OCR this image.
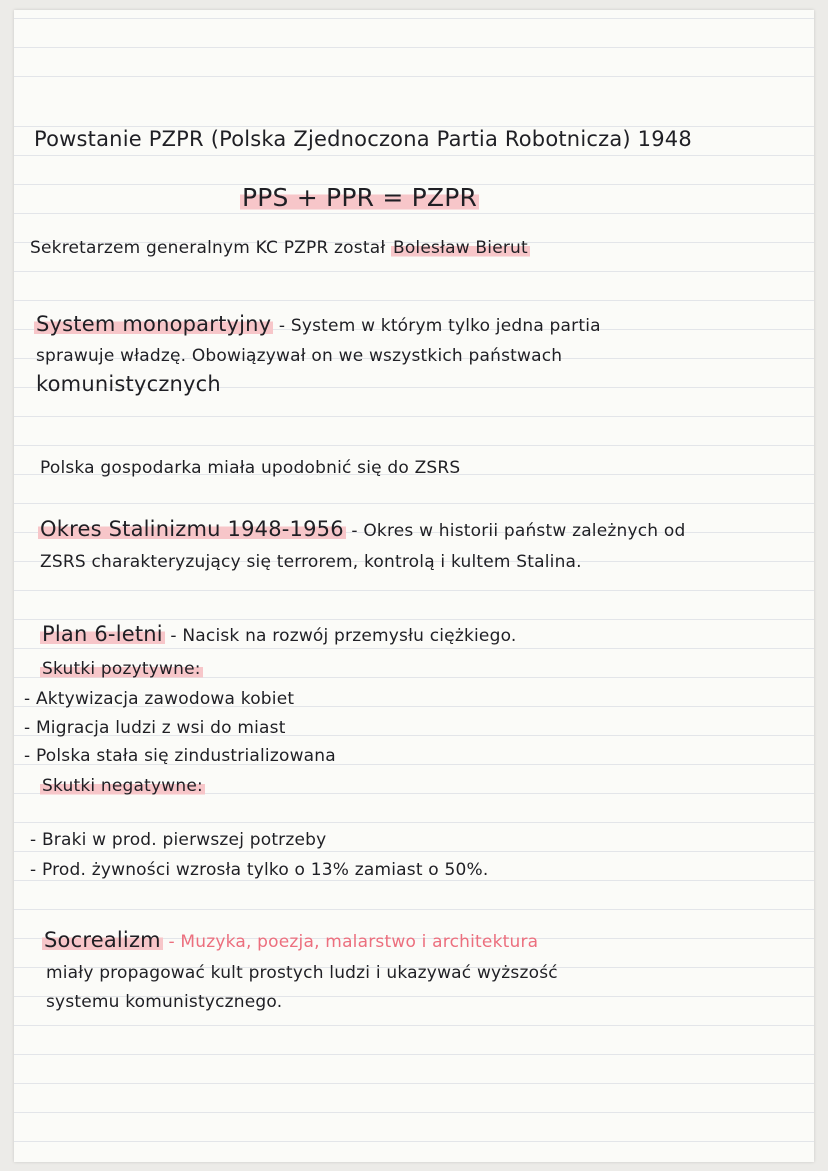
Powstanie PZPR (Polska Zjednoczona Partia Robotnicza) 1948
PPS + PPR = PZPR
Sekretarzem generalnym KC PZPR został Bolesław Bierut
System monopartyjny - System w którym tylko jedna partia
sprawuje władzę. Obowiązywał on we wszystkich państwach
komunistycznych
Polska gospodarka miała upodobnić się do ZSRS
Okres Stalinizmu 1948-1956 - Okres w historii państw zależnych od
ZSRS charakteryzujący się terrorem, kontrolą i kultem Stalina.
Plan 6-letni - Nacisk na rozwój przemysłu ciężkiego.
Skutki pozytywne:
- Aktywizacja zawodowa kobiet
- Migracja ludzi z wsi do miast
- Polska stała się zindustrializowana
Skutki negatywne:
- Braki w prod. pierwszej potrzeby
- Prod. żywności wzrosła tylko o 13% zamiast o 50%.
Socrealizm - Muzyka, poezja, malarstwo i architektura
miały propagować kult prostych ludzi i ukazywać wyższość
systemu komunistycznego.
